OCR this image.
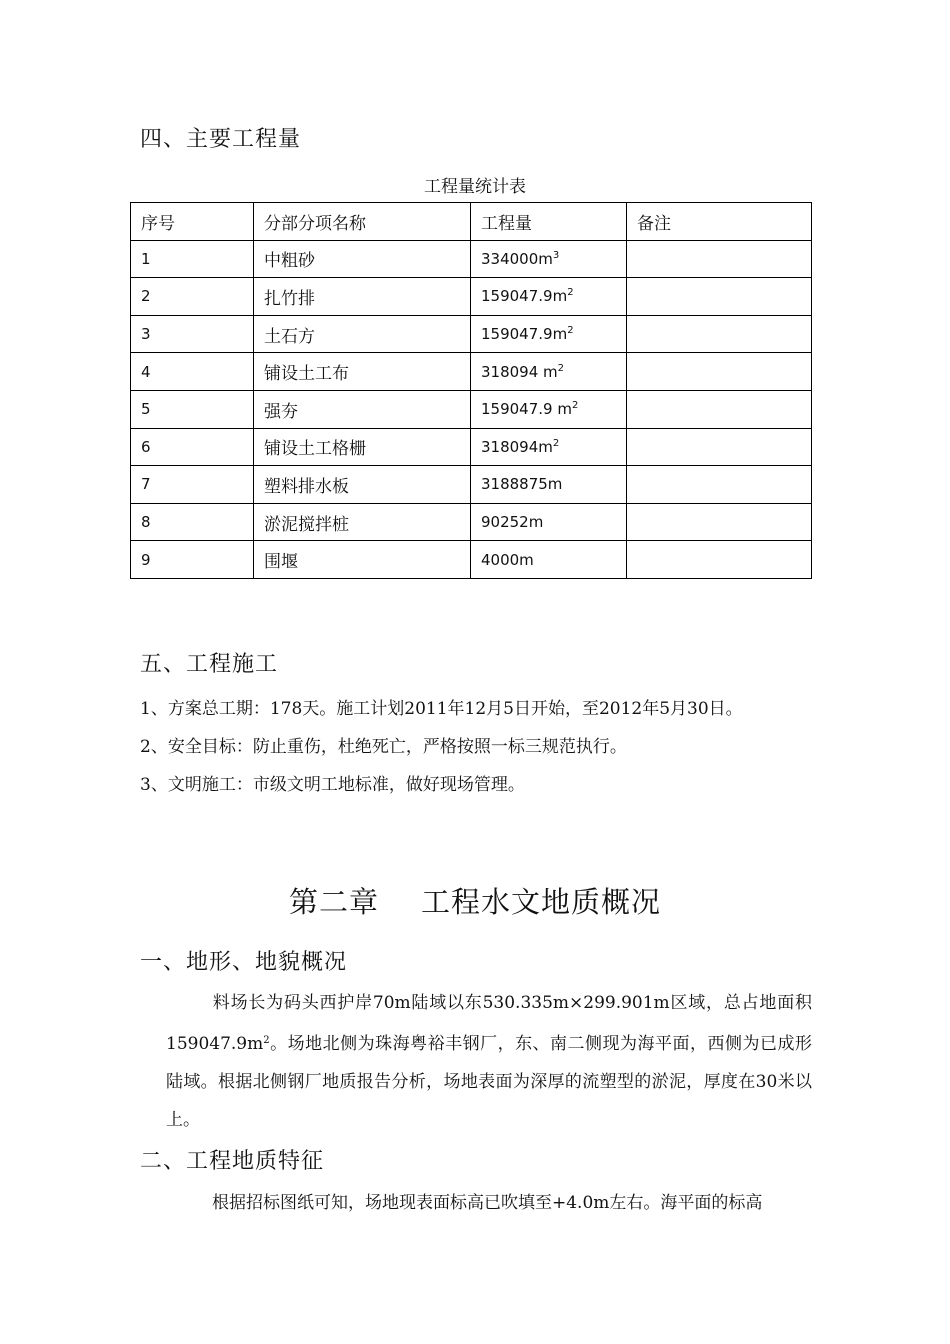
四、主要工程量
工程量统计表
序号	分部分项名称	工程量	备注
1	中粗砂	$334000m^3$	
2	扎竹排	$159047.9m^2$	
3	土石方	$159047.9m^2$	
4	铺设土工布	318094 $m^2$	
5	强夯	159047.9 $m^2$	
6	铺设土工格栅	$318094m^2$	
7	塑料排水板	3188875m	
8	淤泥搅拌桩	90252m	
9	围堰	4000m	
五、工程施工
1、方案总工期：178天。施工计划2011年12月5日开始，至2012年5月30日。
2、安全目标：防止重伤，杜绝死亡，严格按照一标三规范执行。
3、文明施工：市级文明工地标准，做好现场管理。
第二章 工程水文地质概况
一、地形、地貌概况
料场长为码头西护岸70m陆域以东530.335m×299.901m区域，总占地面积$159047.9m^2$。场地北侧为珠海粤裕丰钢厂，东、南二侧现为海平面，西侧为已成形陆域。根据北侧钢厂地质报告分析，场地表面为深厚的流塑型的淤泥，厚度在30米以上。
二、工程地质特征
根据招标图纸可知，场地现表面标高已吹填至+4.0m左右。海平面的标高
